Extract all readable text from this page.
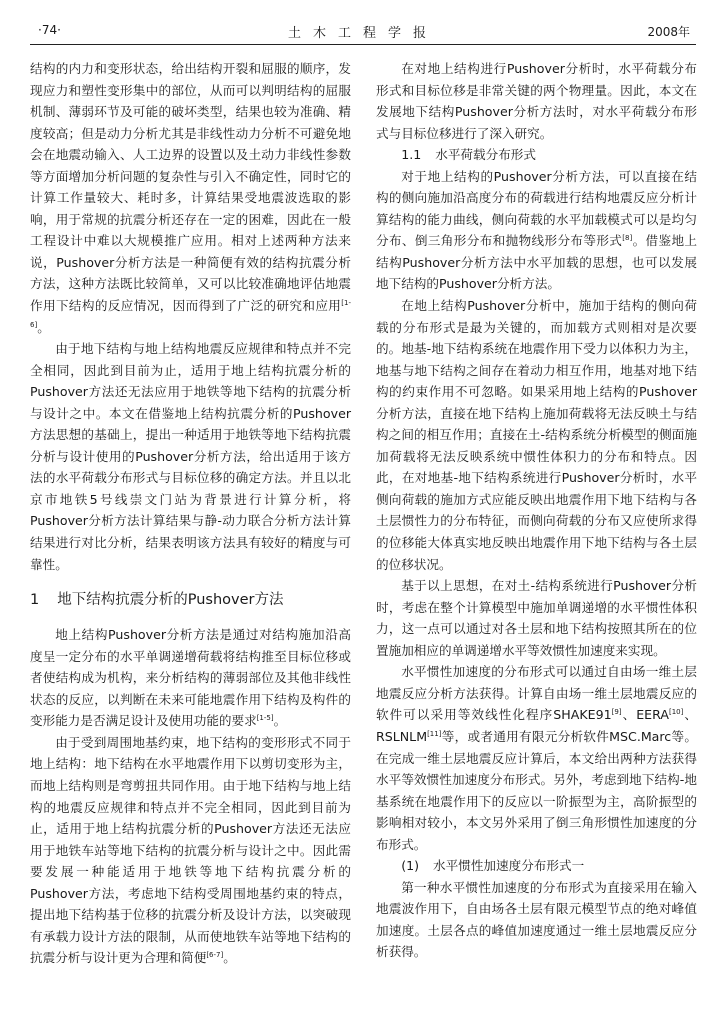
·74·	土木工程学报	2008年

结构的内力和变形状态，给出结构开裂和屈服的顺序，发现应力和塑性变形集中的部位，从而可以判明结构的屈服机制、薄弱环节及可能的破坏类型，结果也较为准确、精度较高；但是动力分析尤其是非线性动力分析不可避免地会在地震动输入、人工边界的设置以及土动力非线性参数等方面增加分析问题的复杂性与引入不确定性，同时它的计算工作量较大、耗时多，计算结果受地震波选取的影响，用于常规的抗震分析还存在一定的困难，因此在一般工程设计中难以大规模推广应用。相对上述两种方法来说，Pushover分析方法是一种简便有效的结构抗震分析方法，这种方法既比较简单，又可以比较准确地评估地震作用下结构的反应情况，因而得到了广泛的研究和应用[1-6]。

由于地下结构与地上结构地震反应规律和特点并不完全相同，因此到目前为止，适用于地上结构抗震分析的Pushover方法还无法应用于地铁等地下结构的抗震分析与设计之中。本文在借鉴地上结构抗震分析的Pushover方法思想的基础上，提出一种适用于地铁等地下结构抗震分析与设计使用的Pushover分析方法，给出适用于该方法的水平荷载分布形式与目标位移的确定方法。并且以北京市地铁5号线崇文门站为背景进行计算分析，将Pushover分析方法计算结果与静-动力联合分析方法计算结果进行对比分析，结果表明该方法具有较好的精度与可靠性。

1 地下结构抗震分析的Pushover方法

地上结构Pushover分析方法是通过对结构施加沿高度呈一定分布的水平单调递增荷载将结构推至目标位移或者使结构成为机构，来分析结构的薄弱部位及其他非线性状态的反应，以判断在未来可能地震作用下结构及构件的变形能力是否满足设计及使用功能的要求[1-5]。

由于受到周围地基约束，地下结构的变形形式不同于地上结构：地下结构在水平地震作用下以剪切变形为主，而地上结构则是弯剪扭共同作用。由于地下结构与地上结构的地震反应规律和特点并不完全相同，因此到目前为止，适用于地上结构抗震分析的Pushover方法还无法应用于地铁车站等地下结构的抗震分析与设计之中。因此需要发展一种能适用于地铁等地下结构抗震分析的Pushover方法，考虑地下结构受周围地基约束的特点，提出地下结构基于位移的抗震分析及设计方法，以突破现有承载力设计方法的限制，从而使地铁车站等地下结构的抗震分析与设计更为合理和简便[6-7]。

在对地上结构进行Pushover分析时，水平荷载分布形式和目标位移是非常关键的两个物理量。因此，本文在发展地下结构Pushover分析方法时，对水平荷载分布形式与目标位移进行了深入研究。

1.1 水平荷载分布形式

对于地上结构的Pushover分析方法，可以直接在结构的侧向施加沿高度分布的荷载进行结构地震反应分析计算结构的能力曲线，侧向荷载的水平加载模式可以是均匀分布、倒三角形分布和抛物线形分布等形式[8]。借鉴地上结构Pushover分析方法中水平加载的思想，也可以发展地下结构的Pushover分析方法。

在地上结构Pushover分析中，施加于结构的侧向荷载的分布形式是最为关键的，而加载方式则相对是次要的。地基-地下结构系统在地震作用下受力以体积力为主，地基与地下结构之间存在着动力相互作用，地基对地下结构的约束作用不可忽略。如果采用地上结构的Pushover分析方法，直接在地下结构上施加荷载将无法反映土与结构之间的相互作用；直接在土-结构系统分析模型的侧面施加荷载将无法反映系统中惯性体积力的分布和特点。因此，在对地基-地下结构系统进行Pushover分析时，水平侧向荷载的施加方式应能反映出地震作用下地下结构与各土层惯性力的分布特征，而侧向荷载的分布又应使所求得的位移能大体真实地反映出地震作用下地下结构与各土层的位移状况。

基于以上思想，在对土-结构系统进行Pushover分析时，考虑在整个计算模型中施加单调递增的水平惯性体积力，这一点可以通过对各土层和地下结构按照其所在的位置施加相应的单调递增水平等效惯性加速度来实现。

水平惯性加速度的分布形式可以通过自由场一维土层地震反应分析方法获得。计算自由场一维土层地震反应的软件可以采用等效线性化程序SHAKE91[9]、EERA[10]、RSLNLM[11]等，或者通用有限元分析软件MSC.Marc等。在完成一维土层地震反应计算后，本文给出两种方法获得水平等效惯性加速度分布形式。另外，考虑到地下结构-地基系统在地震作用下的反应以一阶振型为主，高阶振型的影响相对较小，本文另外采用了倒三角形惯性加速度的分布形式。

(1) 水平惯性加速度分布形式一

第一种水平惯性加速度的分布形式为直接采用在输入地震波作用下，自由场各土层有限元模型节点的绝对峰值加速度。土层各点的峰值加速度通过一维土层地震反应分析获得。
